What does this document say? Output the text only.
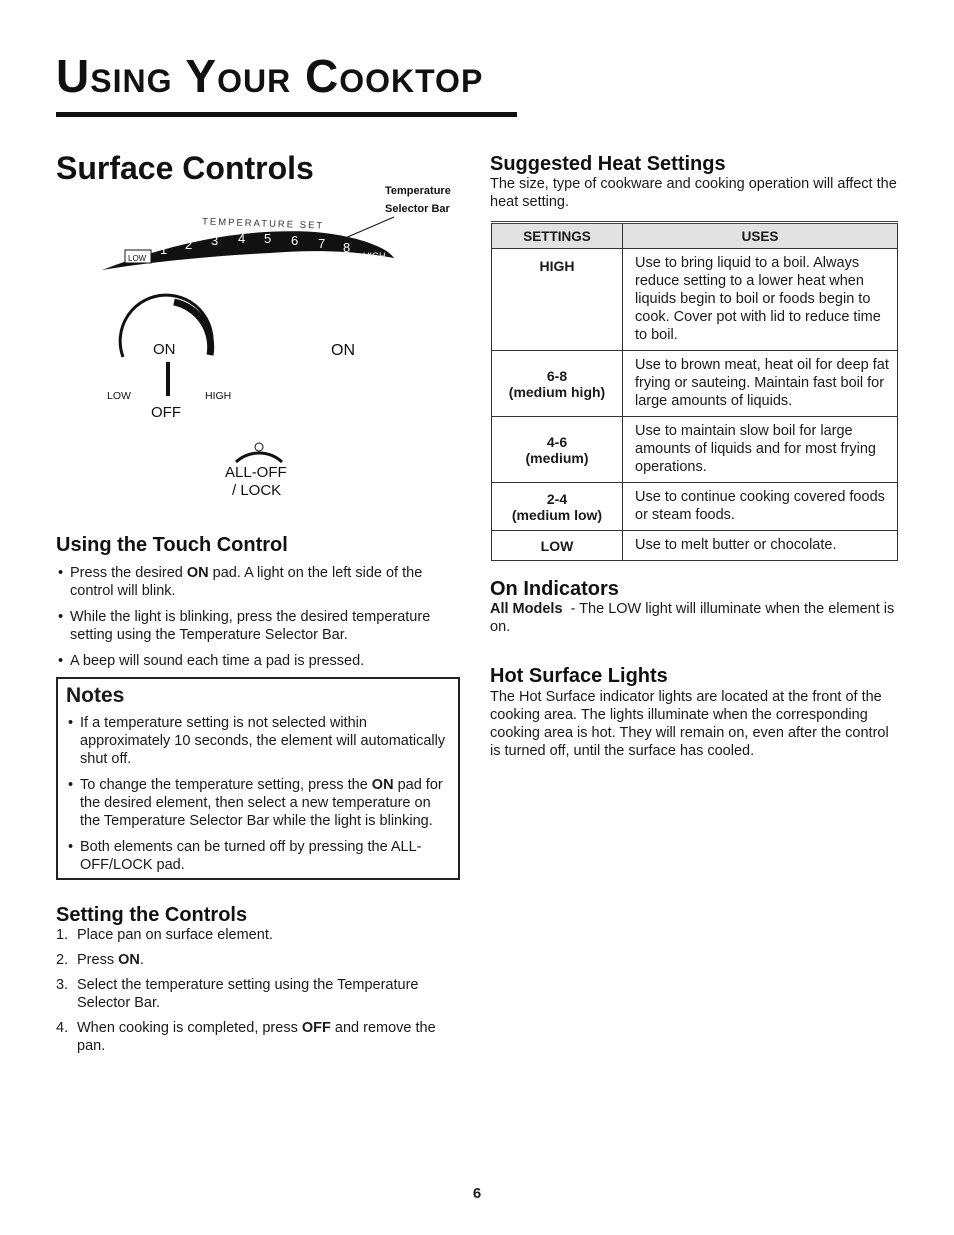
Using Your Cooktop
Surface Controls
Temperature
Selector Bar
TEMPERATURE SET
LOW
1 2 3 4 5 6 7 8
HIGH
ON
OFF
LOW	HIGH
ON
ALL-OFF
/ LOCK
Using the Touch Control
• Press the desired ON pad. A light on the left side of the control will blink.
• While the light is blinking, press the desired temperature setting using the Temperature Selector Bar.
• A beep will sound each time a pad is pressed.
Notes
• If a temperature setting is not selected within approximately 10 seconds, the element will automatically shut off.
• To change the temperature setting, press the ON pad for the desired element, then select a new temperature on the Temperature Selector Bar while the light is blinking.
• Both elements can be turned off by pressing the ALL-OFF/LOCK pad.
Setting the Controls
1. Place pan on surface element.
2. Press ON.
3. Select the temperature setting using the Temperature Selector Bar.
4. When cooking is completed, press OFF and remove the pan.
Suggested Heat Settings
The size, type of cookware and cooking operation will affect the heat setting.
SETTINGS	USES
HIGH	Use to bring liquid to a boil. Always reduce setting to a lower heat when liquids begin to boil or foods begin to cook. Cover pot with lid to reduce time to boil.

6-8
(medium high)	Use to brown meat, heat oil for deep fat frying or sauteing. Maintain fast boil for large amounts of liquids.

4-6
(medium)	Use to maintain slow boil for large amounts of liquids and for most frying operations.

2-4
(medium low)	Use to continue cooking covered foods or steam foods.
LOW	Use to melt butter or chocolate.
On Indicators
All Models - The LOW light will illuminate when the element is on.
Hot Surface Lights
The Hot Surface indicator lights are located at the front of the cooking area. The lights illuminate when the corresponding cooking area is hot. They will remain on, even after the control is turned off, until the surface has cooled.
6
